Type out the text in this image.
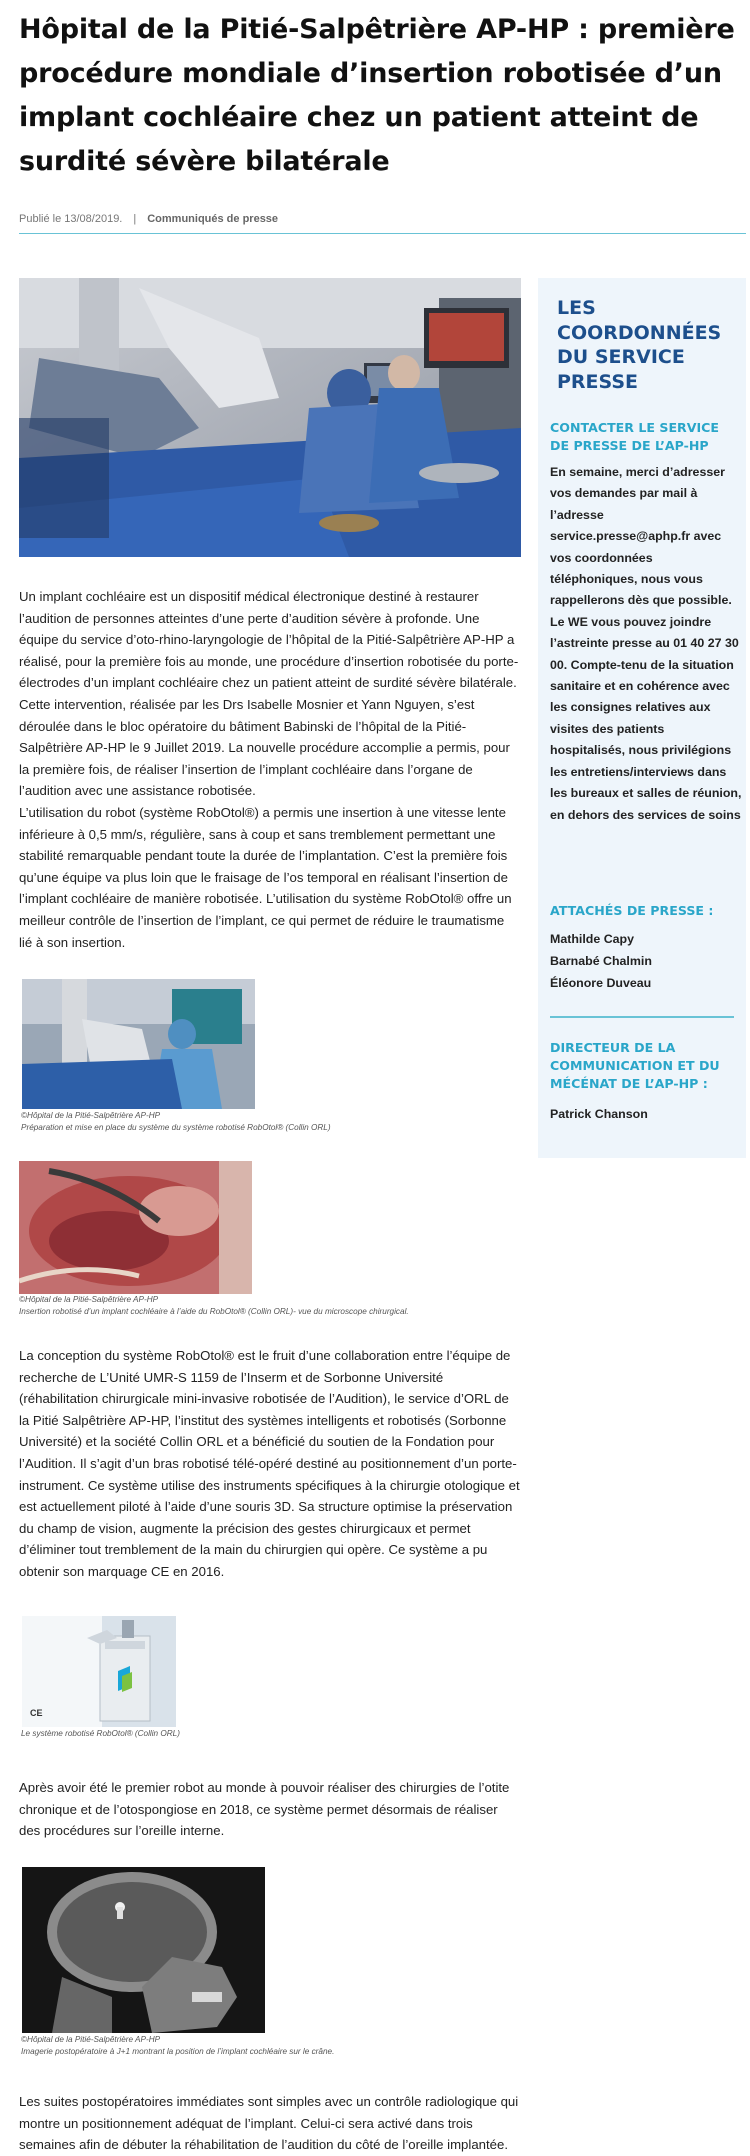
Hôpital de la Pitié-Salpêtrière AP-HP : première procédure mondiale d’insertion robotisée d’un implant cochléaire chez un patient atteint de surdité sévère bilatérale
Publié le 13/08/2019. | Communiqués de presse

Un implant cochléaire est un dispositif médical électronique destiné à restaurer l’audition de personnes atteintes d’une perte d’audition sévère à profonde. Une équipe du service d’oto-rhino-laryngologie de l’hôpital de la Pitié-Salpêtrière AP-HP a réalisé, pour la première fois au monde, une procédure d’insertion robotisée du porte-électrodes d’un implant cochléaire chez un patient atteint de surdité sévère bilatérale. Cette intervention, réalisée par les Drs Isabelle Mosnier et Yann Nguyen, s’est déroulée dans le bloc opératoire du bâtiment Babinski de l’hôpital de la Pitié-Salpêtrière AP-HP le 9 Juillet 2019. La nouvelle procédure accomplie a permis, pour la première fois, de réaliser l’insertion de l’implant cochléaire dans l’organe de l’audition avec une assistance robotisée.
L’utilisation du robot (système RobOtol®) a permis une insertion à une vitesse lente inférieure à 0,5 mm/s, régulière, sans à coup et sans tremblement permettant une stabilité remarquable pendant toute la durée de l’implantation. C’est la première fois qu’une équipe va plus loin que le fraisage de l’os temporal en réalisant l’insertion de l’implant cochléaire de manière robotisée. L’utilisation du système RobOtol® offre un meilleur contrôle de l’insertion de l’implant, ce qui permet de réduire le traumatisme lié à son insertion.

©Hôpital de la Pitié-Salpêtrière AP-HP
Préparation et mise en place du système du système robotisé RobOtol® (Collin ORL)

©Hôpital de la Pitié-Salpêtrière AP-HP
Insertion robotisé d’un implant cochléaire à l’aide du RobOtol® (Collin ORL)- vue du microscope chirurgical.

La conception du système RobOtol® est le fruit d’une collaboration entre l’équipe de recherche de L’Unité UMR-S 1159 de l’Inserm et de Sorbonne Université (réhabilitation chirurgicale mini-invasive robotisée de l’Audition), le service d’ORL de la Pitié Salpêtrière AP-HP, l’institut des systèmes intelligents et robotisés (Sorbonne Université) et la société Collin ORL et a bénéficié du soutien de la Fondation pour l’Audition. Il s’agit d’un bras robotisé télé-opéré destiné au positionnement d’un porte-instrument. Ce système utilise des instruments spécifiques à la chirurgie otologique et est actuellement piloté à l’aide d’une souris 3D. Sa structure optimise la préservation du champ de vision, augmente la précision des gestes chirurgicaux et permet d’éliminer tout tremblement de la main du chirurgien qui opère. Ce système a pu obtenir son marquage CE en 2016.

CE

Le système robotisé RobOtol® (Collin ORL)

Après avoir été le premier robot au monde à pouvoir réaliser des chirurgies de l’otite chronique et de l’otospongiose en 2018, ce système permet désormais de réaliser des procédures sur l’oreille interne.

©Hôpital de la Pitié-Salpêtrière AP-HP
Imagerie postopératoire à J+1 montrant la position de l’implant cochléaire sur le crâne.

Les suites postopératoires immédiates sont simples avec un contrôle radiologique qui montre un positionnement adéquat de l’implant. Celui-ci sera activé dans trois semaines afin de débuter la réhabilitation de l’audition du côté de l’oreille implantée.

LES COORDONNÉES DU SERVICE PRESSE
CONTACTER LE SERVICE DE PRESSE DE L’AP-HP

En semaine, merci d’adresser vos demandes par mail à l’adresse service.presse@aphp.fr avec vos coordonnées téléphoniques, nous vous rappellerons dès que possible. Le WE vous pouvez joindre l’astreinte presse au 01 40 27 30 00. Compte-tenu de la situation sanitaire et en cohérence avec les consignes relatives aux visites des patients hospitalisés, nous privilégions les entretiens/interviews dans les bureaux et salles de réunion, en dehors des services de soins

ATTACHÉS DE PRESSE :
Mathilde Capy
Barnabé Chalmin
Éléonore Duveau
DIRECTEUR DE LA COMMUNICATION ET DU MÉCÉNAT DE L’AP-HP :

Patrick Chanson
